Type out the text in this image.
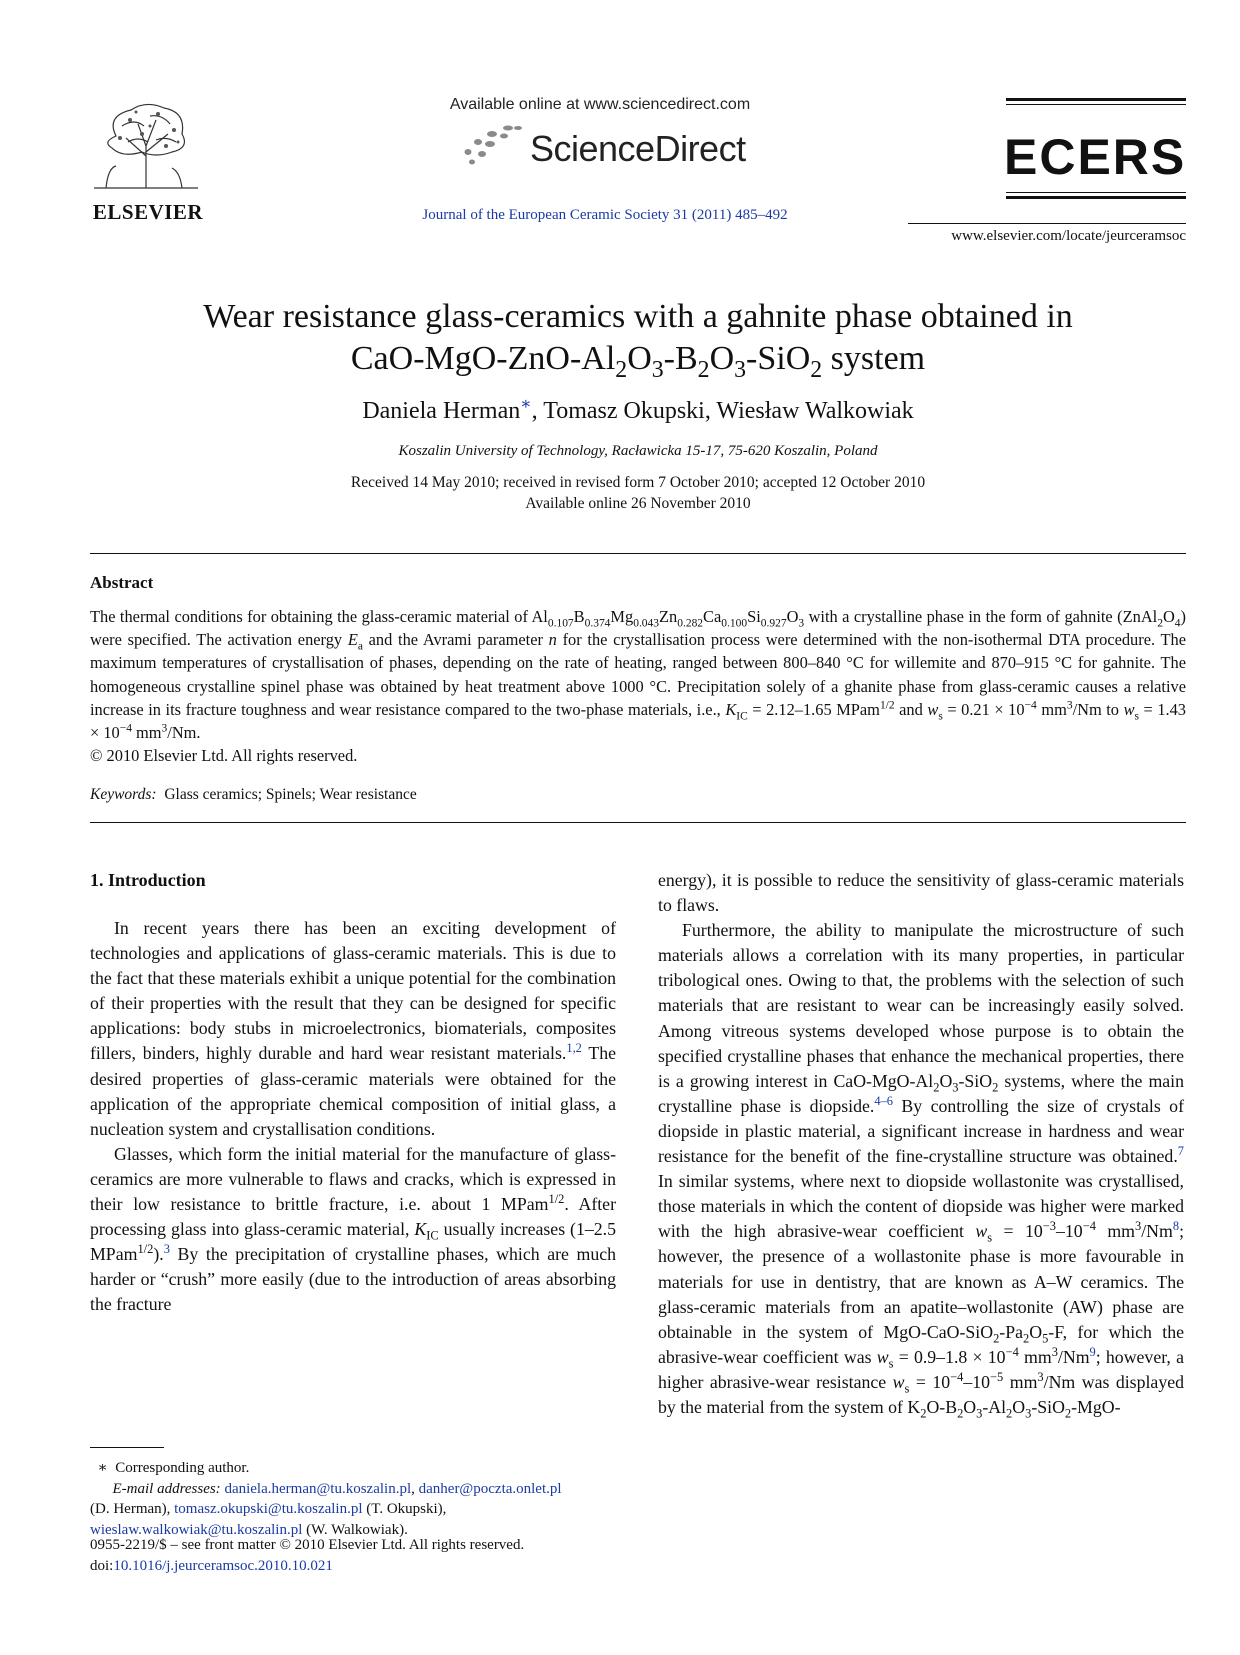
ELSEVIER
Available online at www.sciencedirect.com
ScienceDirect
Journal of the European Ceramic Society 31 (2011) 485–492
ECERS
www.elsevier.com/locate/jeurceramsoc
Wear resistance glass-ceramics with a gahnite phase obtained in
CaO-$MgO-ZnO-Al_2O_3-B_2O_3-SiO_2$ system
Daniela Herman∗, Tomasz Okupski, Wiesław Walkowiak
Koszalin University of Technology, Racławicka 15-17, 75-620 Koszalin, Poland
Received 14 May 2010; received in revised form 7 October 2010; accepted 12 October 2010
Available online 26 November 2010
Abstract
The thermal conditions for obtaining the glass-ceramic material of $Al_{0.107}B_{0.374}Mg_{0.043}Zn_{0.282}Ca_{0.100}Si_{0.927}O_3$ with a crystalline phase in the form of gahnite $(ZnAl_2O_4)$ were specified. The activation energy $E_a$ and the Avrami parameter n for the crystallisation process were determined with the non-isothermal DTA procedure. The maximum temperatures of crystallisation of phases, depending on the rate of heating, ranged between 800–840 °C for willemite and 870–915 °C for gahnite. The homogeneous crystalline spinel phase was obtained by heat treatment above 1000 °C. Precipitation solely of a ghanite phase from glass-ceramic causes a relative increase in its fracture toughness and wear resistance compared to the two-phase materials, i.e., $K_{IC} = 2.12-1.65$ MPam$^{1/2}$ and $w_s = 0.21 \times 10^{-4}$ $mm^3/Nm$ to $w_s = 1.43 \times 10^{-4}$ $mm^3/Nm$.
© 2010 Elsevier Ltd. All rights reserved.
Keywords: Glass ceramics; Spinels; Wear resistance
1. Introduction

In recent years there has been an exciting development of technologies and applications of glass-ceramic materials. This is due to the fact that these materials exhibit a unique potential for the combination of their properties with the result that they can be designed for specific applications: body stubs in microelectronics, biomaterials, composites fillers, binders, highly durable and hard wear resistant materials.$^{1,2}$ The desired properties of glass-ceramic materials were obtained for the application of the appropriate chemical composition of initial glass, a nucleation system and crystallisation conditions.

Glasses, which form the initial material for the manufacture of glass-ceramics are more vulnerable to flaws and cracks, which is expressed in their low resistance to brittle fracture, i.e. about 1 MPam$^{1/2}$. After processing glass into glass-ceramic material, $K_{IC}$ usually increases (1–2.5 MPam$^{1/2}$).$^3$ By the precipitation of crystalline phases, which are much harder or “crush” more easily (due to the introduction of areas absorbing the fracture

energy), it is possible to reduce the sensitivity of glass-ceramic materials to flaws.

Furthermore, the ability to manipulate the microstructure of such materials allows a correlation with its many properties, in particular tribological ones. Owing to that, the problems with the selection of such materials that are resistant to wear can be increasingly easily solved. Among vitreous systems developed whose purpose is to obtain the specified crystalline phases that enhance the mechanical properties, there is a growing interest in CaO-$MgO-Al_2O_3-SiO_2$ systems, where the main crystalline phase is diopside.$^{4-6}$ By controlling the size of crystals of diopside in plastic material, a significant increase in hardness and wear resistance for the benefit of the fine-crystalline structure was obtained.$^7$ In similar systems, where next to diopside wollastonite was crystallised, those materials in which the content of diopside was higher were marked with the high abrasive-wear coefficient $w_s = 10^{-3}-10^{-4}$ $mm^3/Nm^8$; however, the presence of a wollastonite phase is more favourable in materials for use in dentistry, that are known as A–W ceramics. The glass-ceramic materials from an apatite–wollastonite (AW) phase are obtainable in the system of MgO-$CaO-SiO_2-Pa_2O_5-F$, for which the abrasive-wear coefficient was $w_s = 0.9-1.8 \times 10^{-4}$ $mm^3/Nm^9$; however, a higher abrasive-wear resistance $w_s = 10^{-4}-10^{-5}$ $mm^3/Nm$ was displayed by the material from the system of $K_2O-B_2O_3-Al_2O_3-SiO_2-MgO-$

∗ Corresponding author.
E-mail addresses: daniela.herman@tu.koszalin.pl, danher@poczta.onlet.pl
(D. Herman), tomasz.okupski@tu.koszalin.pl (T. Okupski),
wieslaw.walkowiak@tu.koszalin.pl (W. Walkowiak).
0955-2219/$ – see front matter © 2010 Elsevier Ltd. All rights reserved.
doi:10.1016/j.jeurceramsoc.2010.10.021
